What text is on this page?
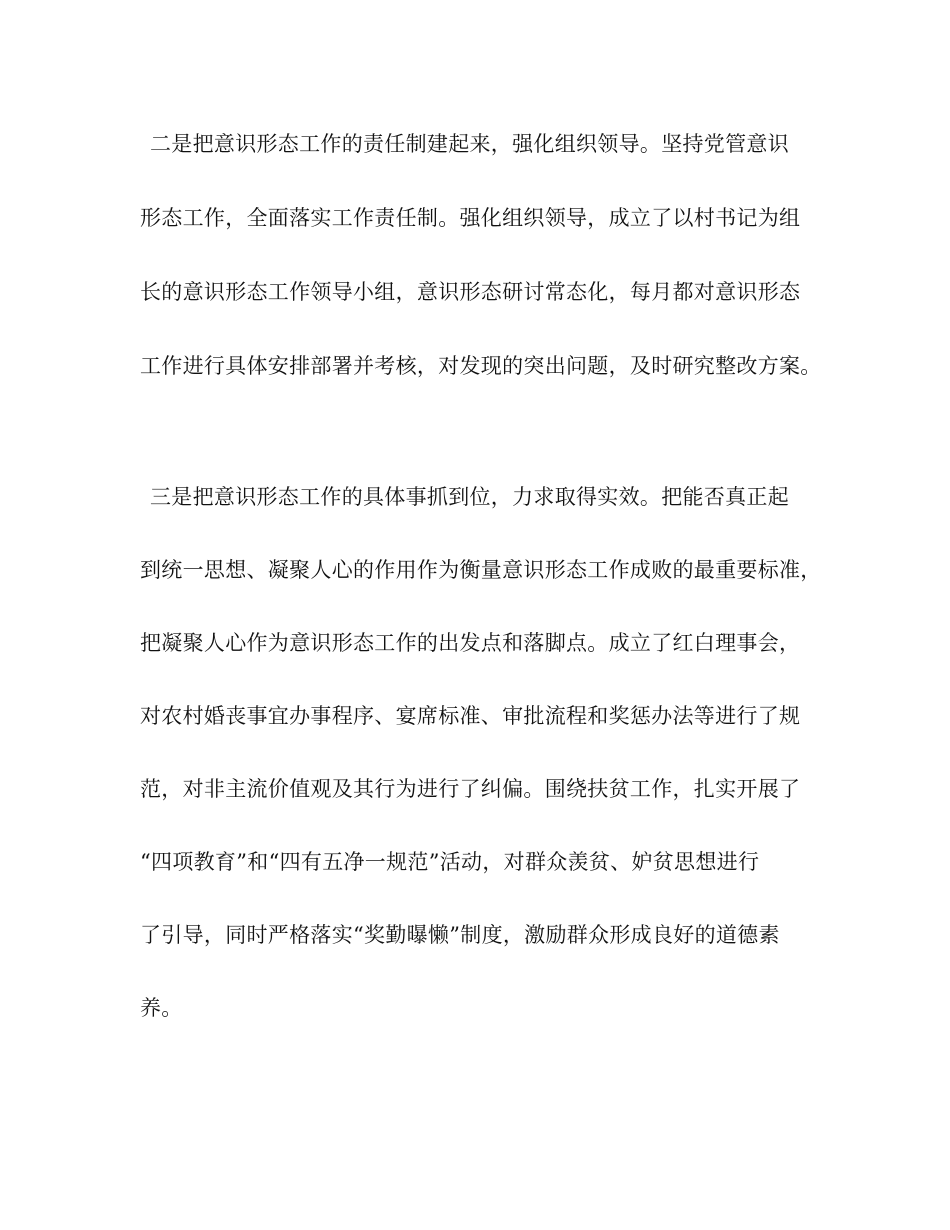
二是把意识形态工作的责任制建起来，强化组织领导。坚持党管意识
形态工作，全面落实工作责任制。强化组织领导，成立了以村书记为组
长的意识形态工作领导小组，意识形态研讨常态化，每月都对意识形态
工作进行具体安排部署并考核，对发现的突出问题，及时研究整改方案。
三是把意识形态工作的具体事抓到位，力求取得实效。把能否真正起
到统一思想、凝聚人心的作用作为衡量意识形态工作成败的最重要标准，
把凝聚人心作为意识形态工作的出发点和落脚点。成立了红白理事会，
对农村婚丧事宜办事程序、宴席标准、审批流程和奖惩办法等进行了规
范，对非主流价值观及其行为进行了纠偏。围绕扶贫工作，扎实开展了
“四项教育”和“四有五净一规范”活动，对群众羡贫、妒贫思想进行
了引导，同时严格落实“奖勤曝懒”制度，激励群众形成良好的道德素
养。
